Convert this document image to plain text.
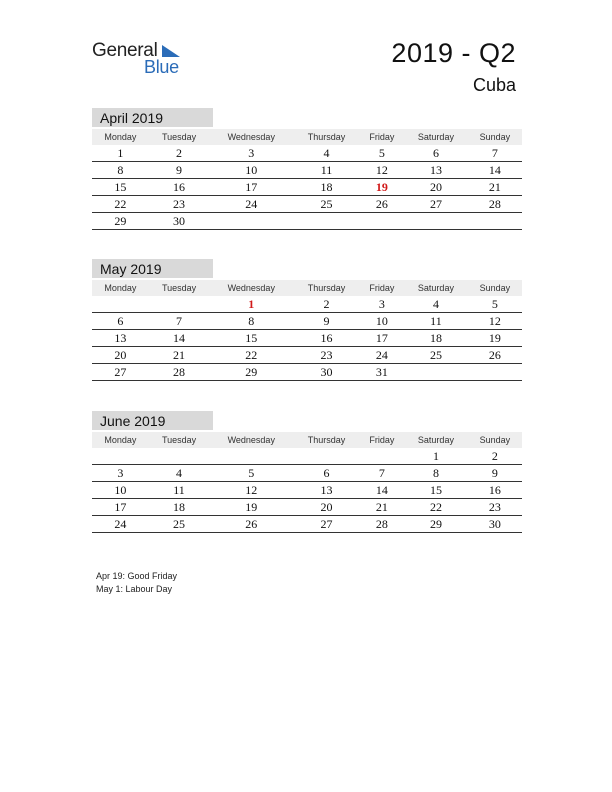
General
Blue	2019 - Q2
Cuba
April 2019
Monday	Tuesday	Wednesday	Thursday	Friday	Saturday	Sunday
1	2	3	4	5	6	7
8	9	10	11	12	13	14
15	16	17	18	19	20	21
22	23	24	25	26	27	28
29	30					
May 2019
Monday	Tuesday	Wednesday	Thursday	Friday	Saturday	Sunday
		1	2	3	4	5
6	7	8	9	10	11	12
13	14	15	16	17	18	19
20	21	22	23	24	25	26
27	28	29	30	31		
June 2019
Monday	Tuesday	Wednesday	Thursday	Friday	Saturday	Sunday
					1	2
3	4	5	6	7	8	9
10	11	12	13	14	15	16
17	18	19	20	21	22	23
24	25	26	27	28	29	30
Apr 19: Good Friday
May 1: Labour Day
